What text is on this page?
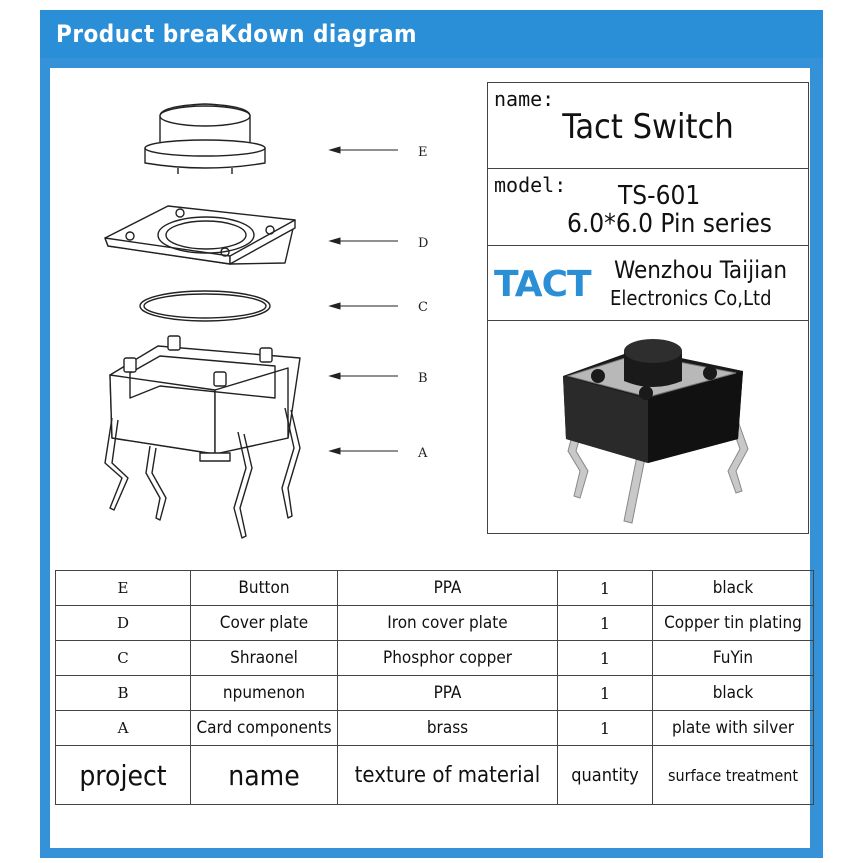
Product breaKdown diagram
E
D
C
B
A
name:
Tact Switch
model: TS-601
6.0*6.0 Pin series
TACT Wenzhou Taijian
Electronics Co,Ltd
E	Button	PPA	1	black
D	Cover plate	Iron cover plate	1	Copper tin plating
C	Shraonel	Phosphor copper	1	FuYin
B	npumenon	PPA	1	black
A	Card components	brass	1	plate with silver
project	name	texture of material	quantity	surface treatment
